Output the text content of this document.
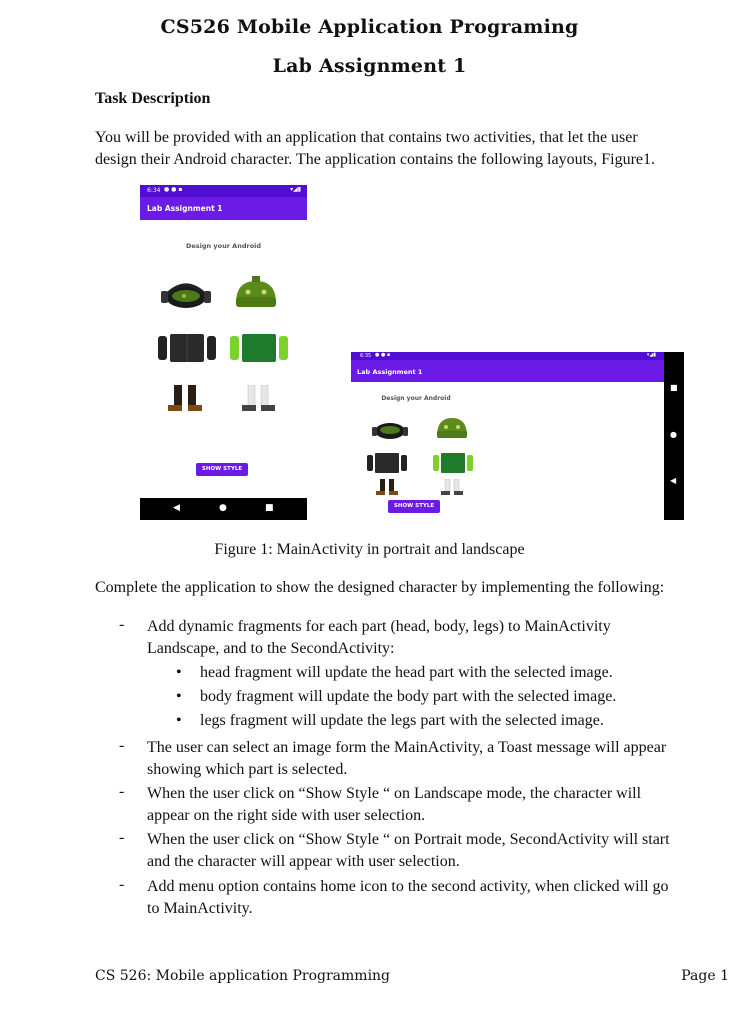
CS526 Mobile Application Programing
Lab Assignment 1
Task Description
You will be provided with an application that contains two activities, that let the user
design their Android character. The application contains the following layouts, Figure1.
6:34 ● ● ▪	▾◢▮
Lab Assignment 1
Design your Android
SHOW STYLE
◀	●	■
6:35 ● ● ▪	▾◢▮
Lab Assignment 1
Design your Android
SHOW STYLE
■
●
◀
Figure 1: MainActivity in portrait and landscape
Complete the application to show the designed character by implementing the following:
- Add dynamic fragments for each part (head, body, legs) to MainActivity
Landscape, and to the SecondActivity:
• head fragment will update the head part with the selected image.
• body fragment will update the body part with the selected image.
• legs fragment will update the legs part with the selected image.
- The user can select an image form the MainActivity, a Toast message will appear
showing which part is selected.
- When the user click on “Show Style “ on Landscape mode, the character will
appear on the right side with user selection.
- When the user click on “Show Style “ on Portrait mode, SecondActivity will start
and the character will appear with user selection.
- Add menu option contains home icon to the second activity, when clicked will go
to MainActivity.
CS 526: Mobile application Programming	Page 1
